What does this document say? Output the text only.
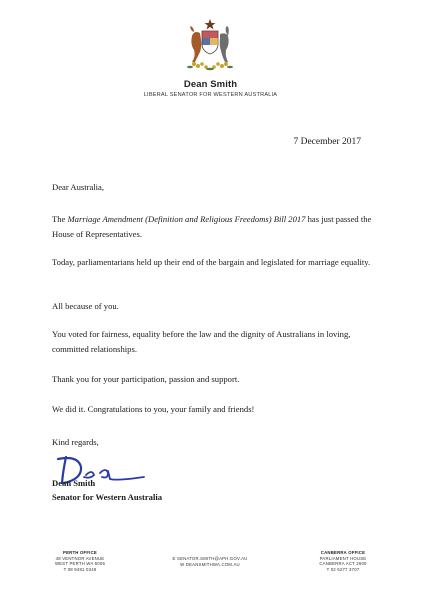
Dean Smith
LIBERAL SENATOR FOR WESTERN AUSTRALIA
7 December 2017
Dear Australia,
The Marriage Amendment (Definition and Religious Freedoms) Bill 2017 has just passed the House of Representatives.
Today, parliamentarians held up their end of the bargain and legislated for marriage equality.
All because of you.
You voted for fairness, equality before the law and the dignity of Australians in loving, committed relationships.
Thank you for your participation, passion and support.
We did it. Congratulations to you, your family and friends!
Kind regards,
Dean Smith
Senator for Western Australia
PERTH OFFICE
48 VENTNOR AVENUE
WEST PERTH WA 6005
T 08 9481 0349
E SENATOR.SMITH@APH.GOV.AU
W DEANSMITHWA.COM.AU
CANBERRA OFFICE
PARLIAMENT HOUSE
CANBERRA ACT 2600
T 02 6277 3707
